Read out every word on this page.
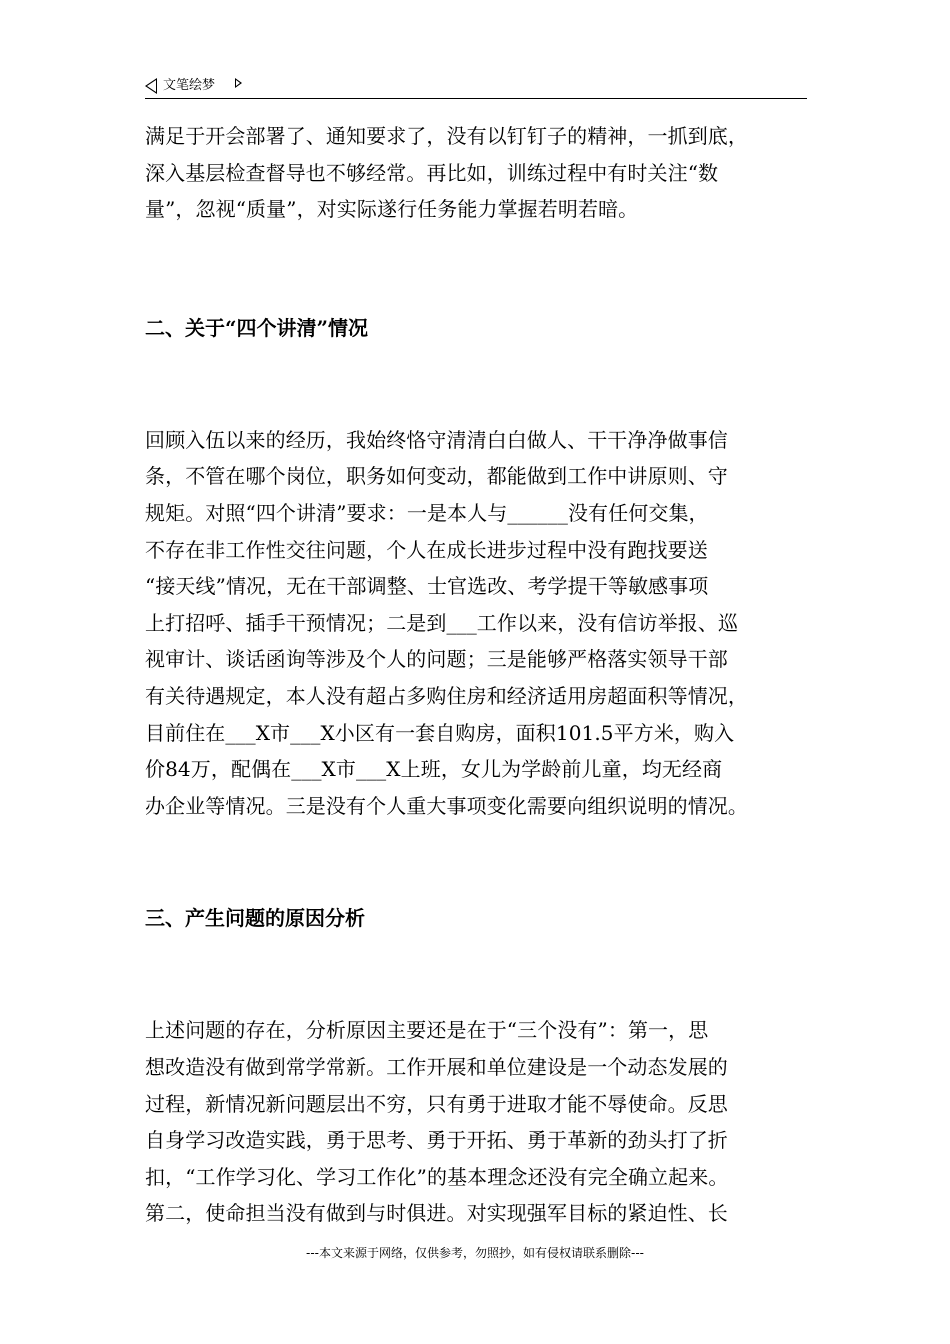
文笔绘梦

满足于开会部署了、通知要求了，没有以钉钉子的精神，一抓到底，
深入基层检查督导也不够经常。再比如，训练过程中有时关注“数
量”，忽视“质量”，对实际遂行任务能力掌握若明若暗。

二、关于“四个讲清”情况

回顾入伍以来的经历，我始终恪守清清白白做人、干干净净做事信
条，不管在哪个岗位，职务如何变动，都能做到工作中讲原则、守
规矩。对照“四个讲清”要求：一是本人与______没有任何交集，
不存在非工作性交往问题，个人在成长进步过程中没有跑找要送
“接天线”情况，无在干部调整、士官选改、考学提干等敏感事项
上打招呼、插手干预情况；二是到___工作以来，没有信访举报、巡
视审计、谈话函询等涉及个人的问题；三是能够严格落实领导干部
有关待遇规定，本人没有超占多购住房和经济适用房超面积等情况，
目前住在___X市___X小区有一套自购房，面积101.5平方米，购入
价84万，配偶在___X市___X上班，女儿为学龄前儿童，均无经商
办企业等情况。三是没有个人重大事项变化需要向组织说明的情况。

三、产生问题的原因分析

上述问题的存在，分析原因主要还是在于“三个没有”：第一，思
想改造没有做到常学常新。工作开展和单位建设是一个动态发展的
过程，新情况新问题层出不穷，只有勇于进取才能不辱使命。反思
自身学习改造实践，勇于思考、勇于开拓、勇于革新的劲头打了折
扣，“工作学习化、学习工作化”的基本理念还没有完全确立起来。
第二，使命担当没有做到与时俱进。对实现强军目标的紧迫性、长

---本文来源于网络，仅供参考，勿照抄，如有侵权请联系删除---
